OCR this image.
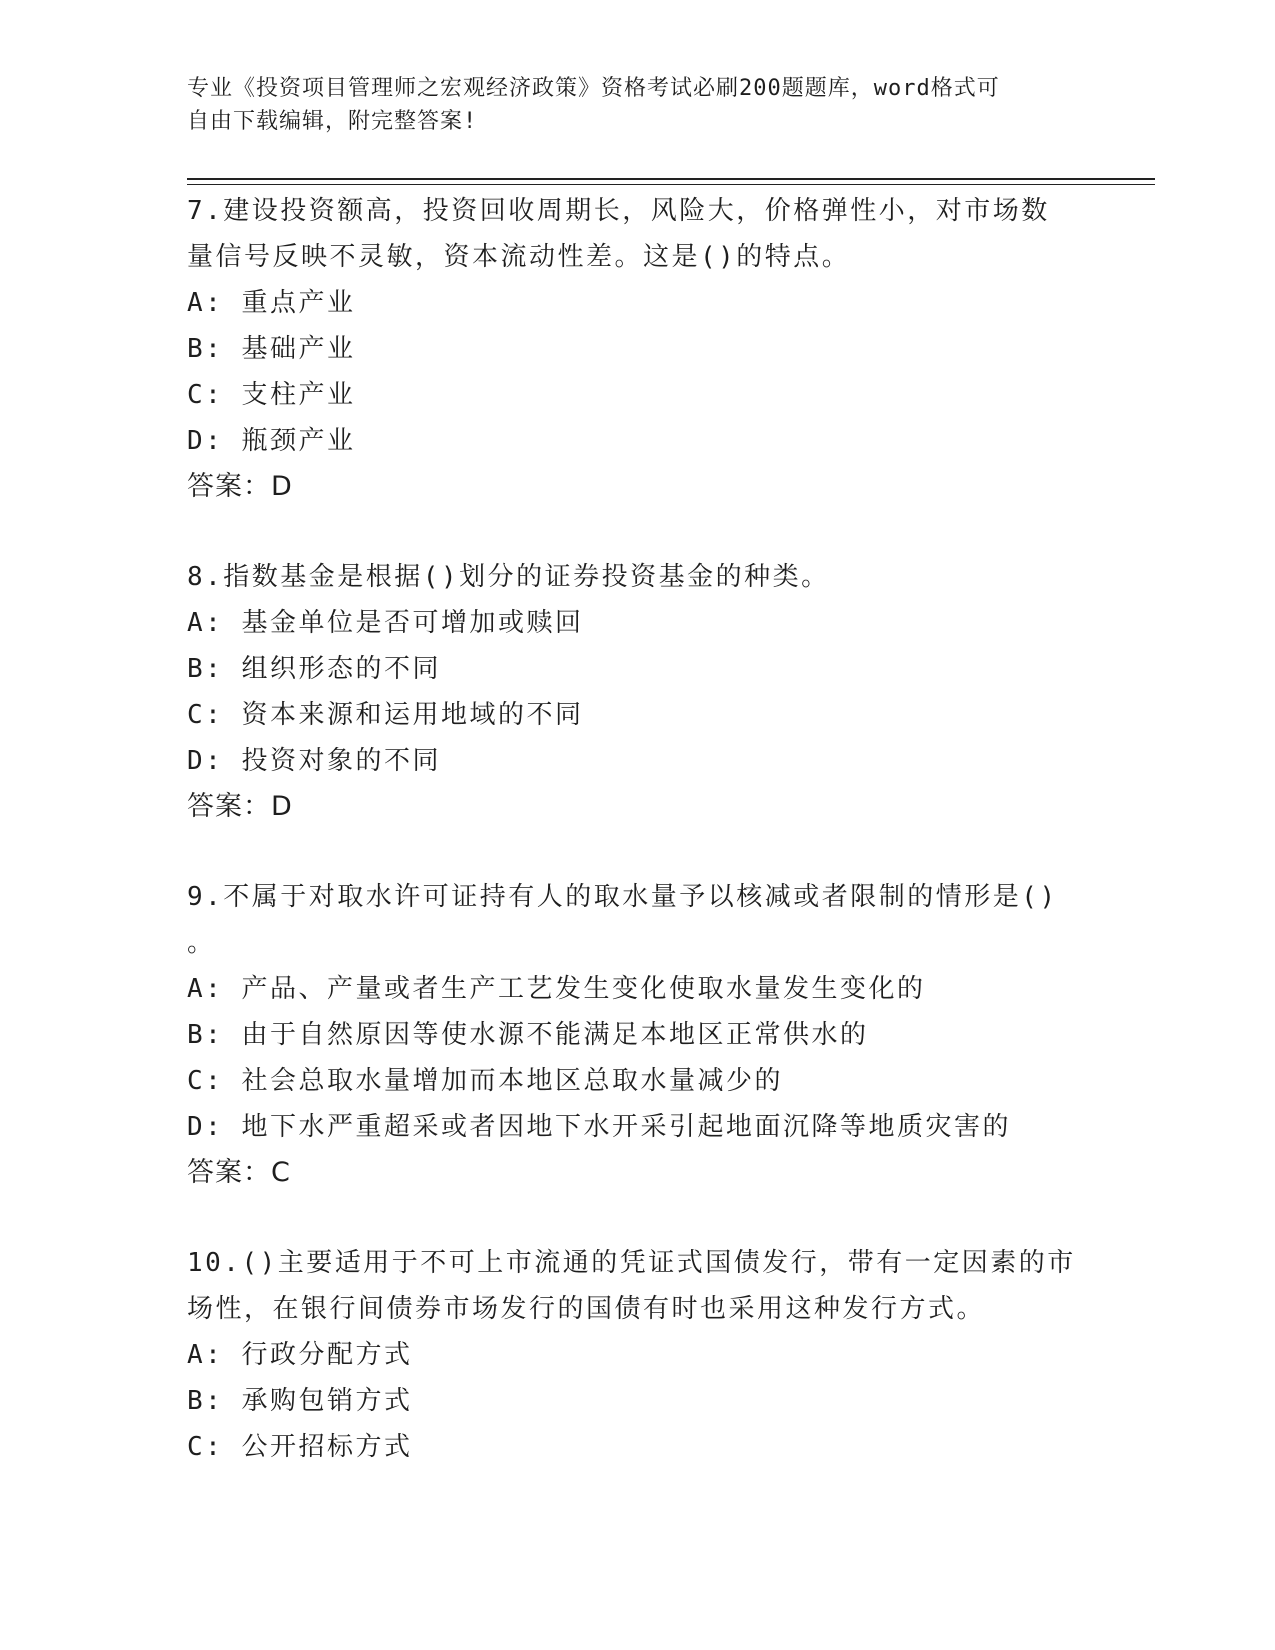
专业《投资项目管理师之宏观经济政策》资格考试必刷200题题库，word格式可
自由下载编辑，附完整答案!

7.建设投资额高，投资回收周期长，风险大，价格弹性小，对市场数

量信号反映不灵敏，资本流动性差。这是()的特点。

A: 重点产业

B: 基础产业

C: 支柱产业

D: 瓶颈产业

答案：D

8.指数基金是根据()划分的证券投资基金的种类。

A: 基金单位是否可增加或赎回

B: 组织形态的不同

C: 资本来源和运用地域的不同

D: 投资对象的不同

答案：D

9.不属于对取水许可证持有人的取水量予以核减或者限制的情形是()

。

A: 产品、产量或者生产工艺发生变化使取水量发生变化的

B: 由于自然原因等使水源不能满足本地区正常供水的

C: 社会总取水量增加而本地区总取水量减少的

D: 地下水严重超采或者因地下水开采引起地面沉降等地质灾害的

答案：C

10.()主要适用于不可上市流通的凭证式国债发行，带有一定因素的市

场性，在银行间债券市场发行的国债有时也采用这种发行方式。

A: 行政分配方式

B: 承购包销方式

C: 公开招标方式
